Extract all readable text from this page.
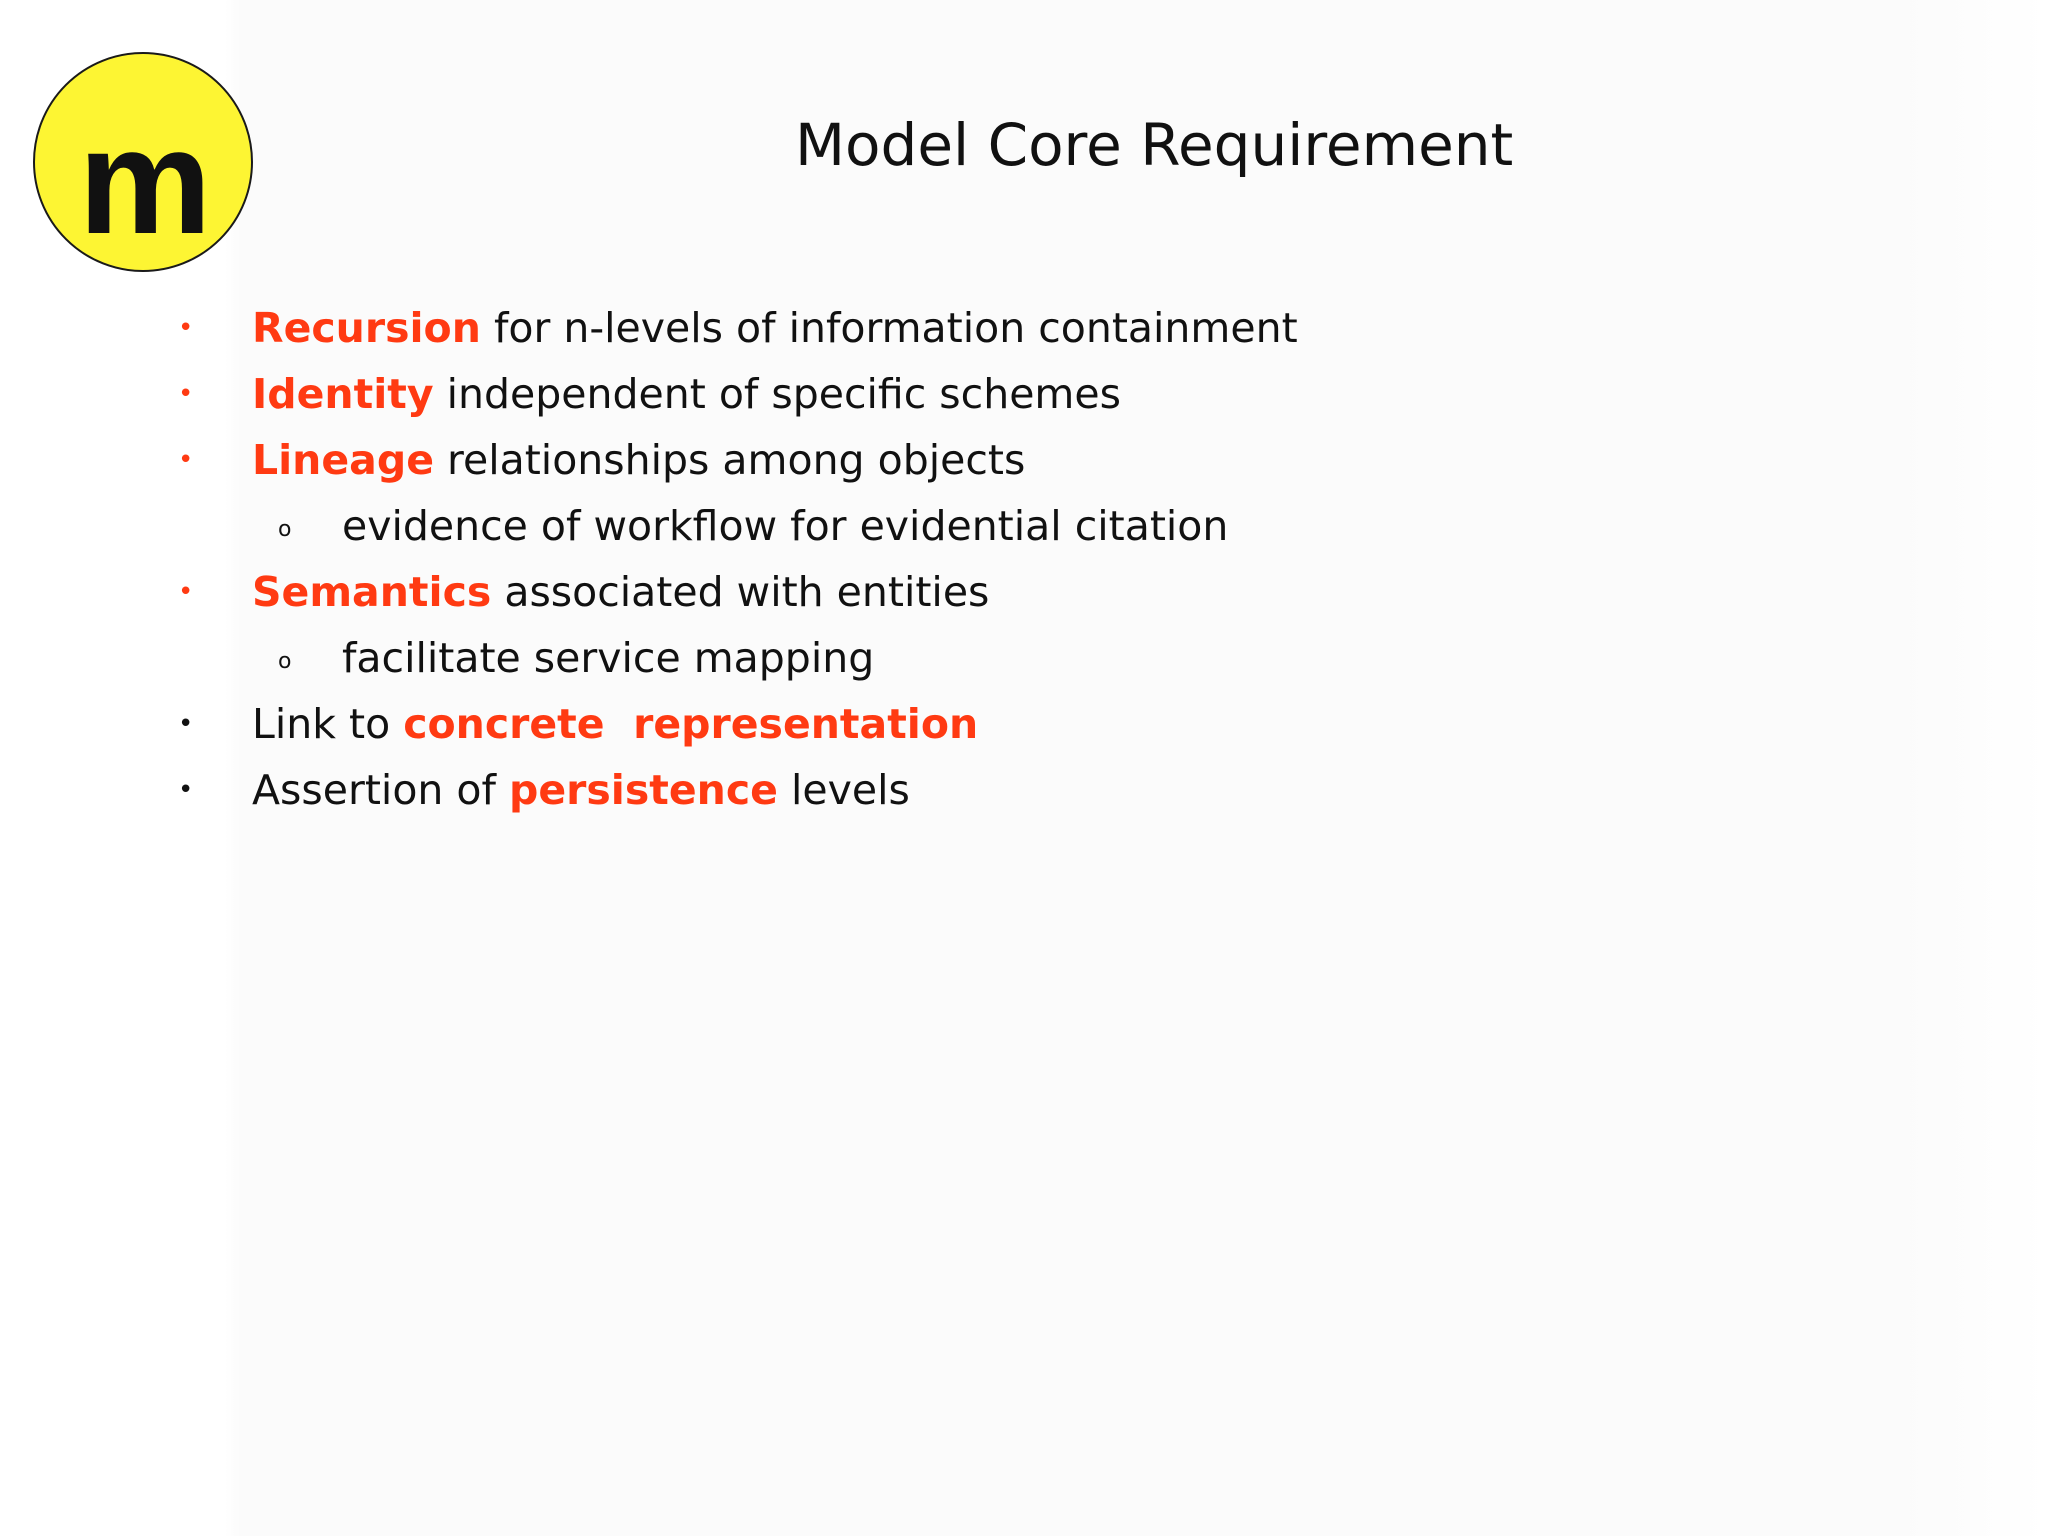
m	Model Core Requirement
• Recursion for n-levels of information containment
• Identity independent of specific schemes
• Lineage relationships among objects
o evidence of workflow for evidential citation
• Semantics associated with entities
o facilitate service mapping
• Link to concrete  representation
• Assertion of persistence levels
